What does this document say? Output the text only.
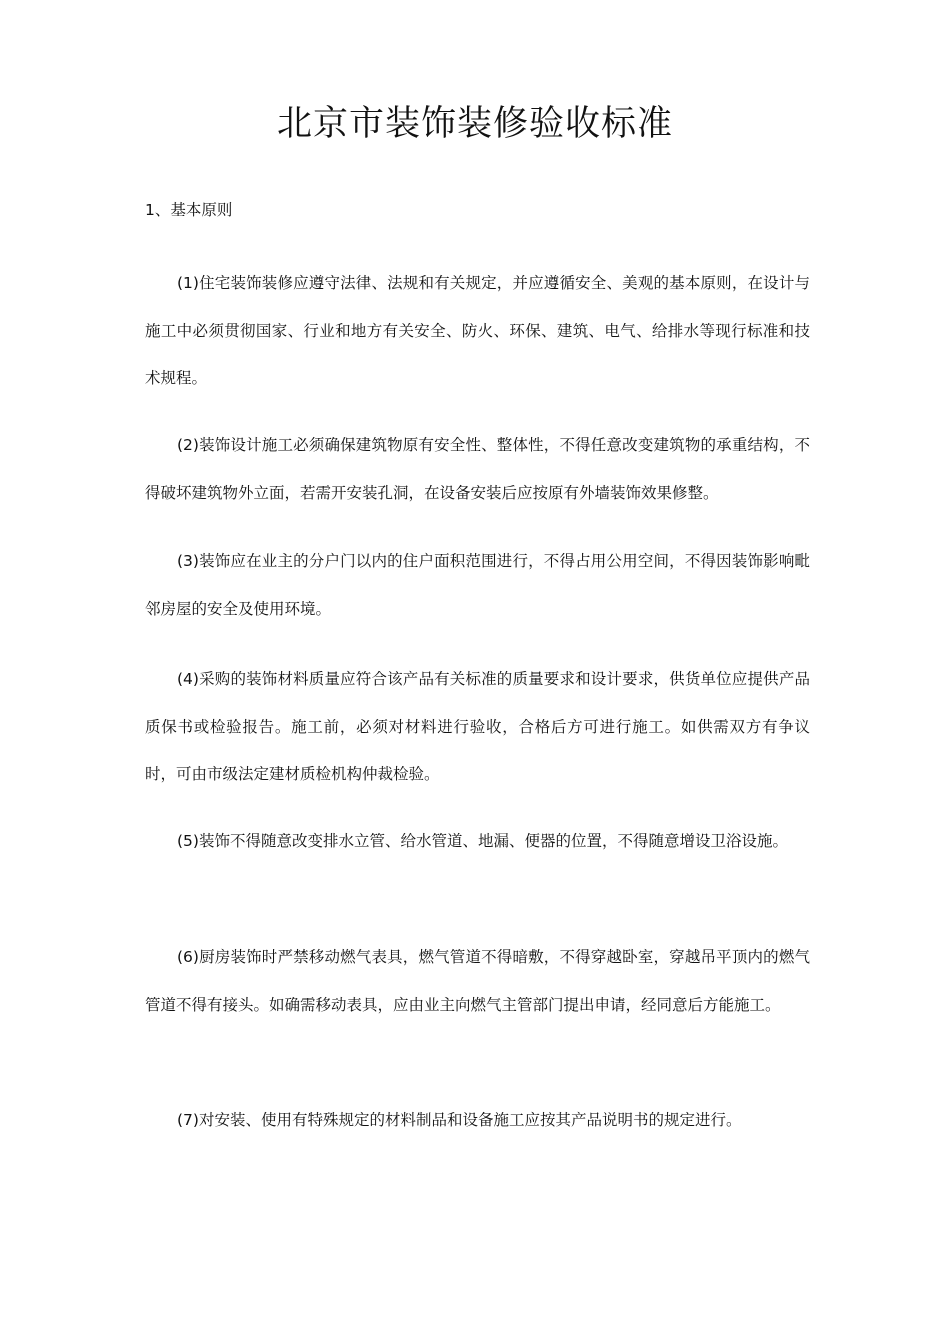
北京市装饰装修验收标准

1、基本原则

(1)住宅装饰装修应遵守法律、法规和有关规定，并应遵循安全、美观的基本原则，在设计与施工中必须贯彻国家、行业和地方有关安全、防火、环保、建筑、电气、给排水等现行标准和技术规程。

(2)装饰设计施工必须确保建筑物原有安全性、整体性，不得任意改变建筑物的承重结构，不得破坏建筑物外立面，若需开安装孔洞，在设备安装后应按原有外墙装饰效果修整。

(3)装饰应在业主的分户门以内的住户面积范围进行，不得占用公用空间，不得因装饰影响毗邻房屋的安全及使用环境。

(4)采购的装饰材料质量应符合该产品有关标准的质量要求和设计要求，供货单位应提供产品质保书或检验报告。施工前，必须对材料进行验收，合格后方可进行施工。如供需双方有争议时，可由市级法定建材质检机构仲裁检验。

(5)装饰不得随意改变排水立管、给水管道、地漏、便器的位置，不得随意增设卫浴设施。

(6)厨房装饰时严禁移动燃气表具，燃气管道不得暗敷，不得穿越卧室，穿越吊平顶内的燃气管道不得有接头。如确需移动表具，应由业主向燃气主管部门提出申请，经同意后方能施工。

(7)对安装、使用有特殊规定的材料制品和设备施工应按其产品说明书的规定进行。
